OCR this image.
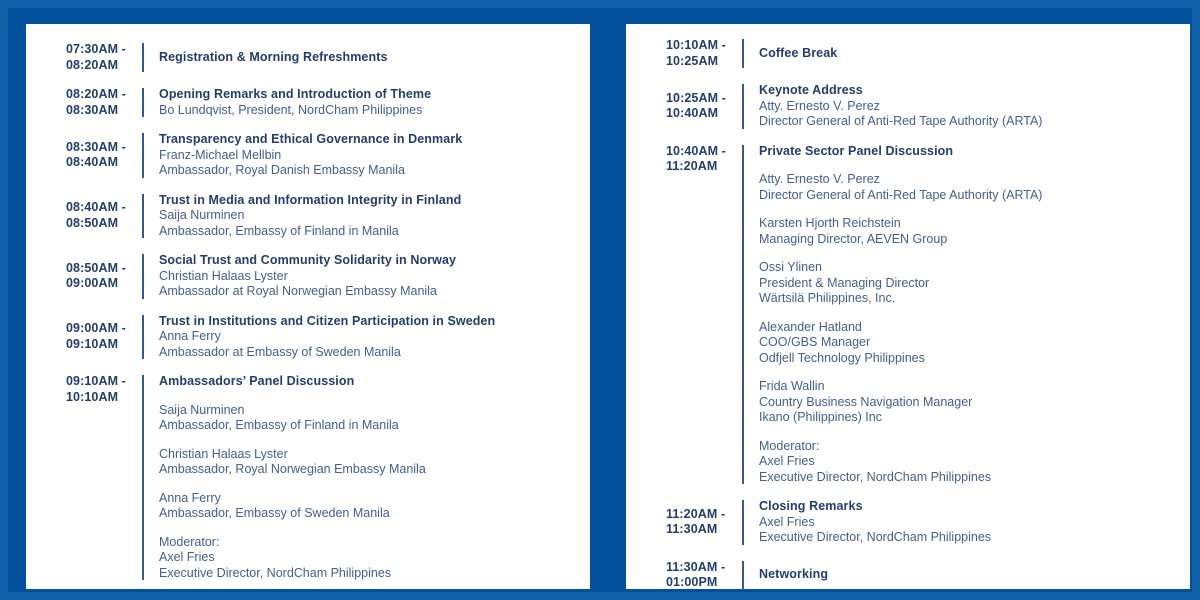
07:30AM -
08:20AM
Registration & Morning Refreshments
08:20AM -
08:30AM
Opening Remarks and Introduction of Theme
Bo Lundqvist, President, NordCham Philippines
08:30AM -
08:40AM
Transparency and Ethical Governance in Denmark
Franz-Michael Mellbin
Ambassador, Royal Danish Embassy Manila
08:40AM -
08:50AM
Trust in Media and Information Integrity in Finland
Saija Nurminen
Ambassador, Embassy of Finland in Manila
08:50AM -
09:00AM
Social Trust and Community Solidarity in Norway
Christian Halaas Lyster
Ambassador at Royal Norwegian Embassy Manila
09:00AM -
09:10AM
Trust in Institutions and Citizen Participation in Sweden
Anna Ferry
Ambassador at Embassy of Sweden Manila
09:10AM -
10:10AM
Ambassadors’ Panel Discussion
Saija Nurminen
Ambassador, Embassy of Finland in Manila
Christian Halaas Lyster
Ambassador, Royal Norwegian Embassy Manila
Anna Ferry
Ambassador, Embassy of Sweden Manila
Moderator:
Axel Fries
Executive Director, NordCham Philippines
10:10AM -
10:25AM
Coffee Break
10:25AM -
10:40AM
Keynote Address
Atty. Ernesto V. Perez
Director General of Anti-Red Tape Authority (ARTA)
10:40AM -
11:20AM
Private Sector Panel Discussion
Atty. Ernesto V. Perez
Director General of Anti-Red Tape Authority (ARTA)
Karsten Hjorth Reichstein
Managing Director, AEVEN Group
Ossi Ylinen
President & Managing Director
Wärtsilä Philippines, Inc.
Alexander Hatland
COO/GBS Manager
Odfjell Technology Philippines
Frida Wallin
Country Business Navigation Manager
Ikano (Philippines) Inc
Moderator:
Axel Fries
Executive Director, NordCham Philippines
11:20AM -
11:30AM
Closing Remarks
Axel Fries
Executive Director, NordCham Philippines
11:30AM -
01:00PM
Networking
